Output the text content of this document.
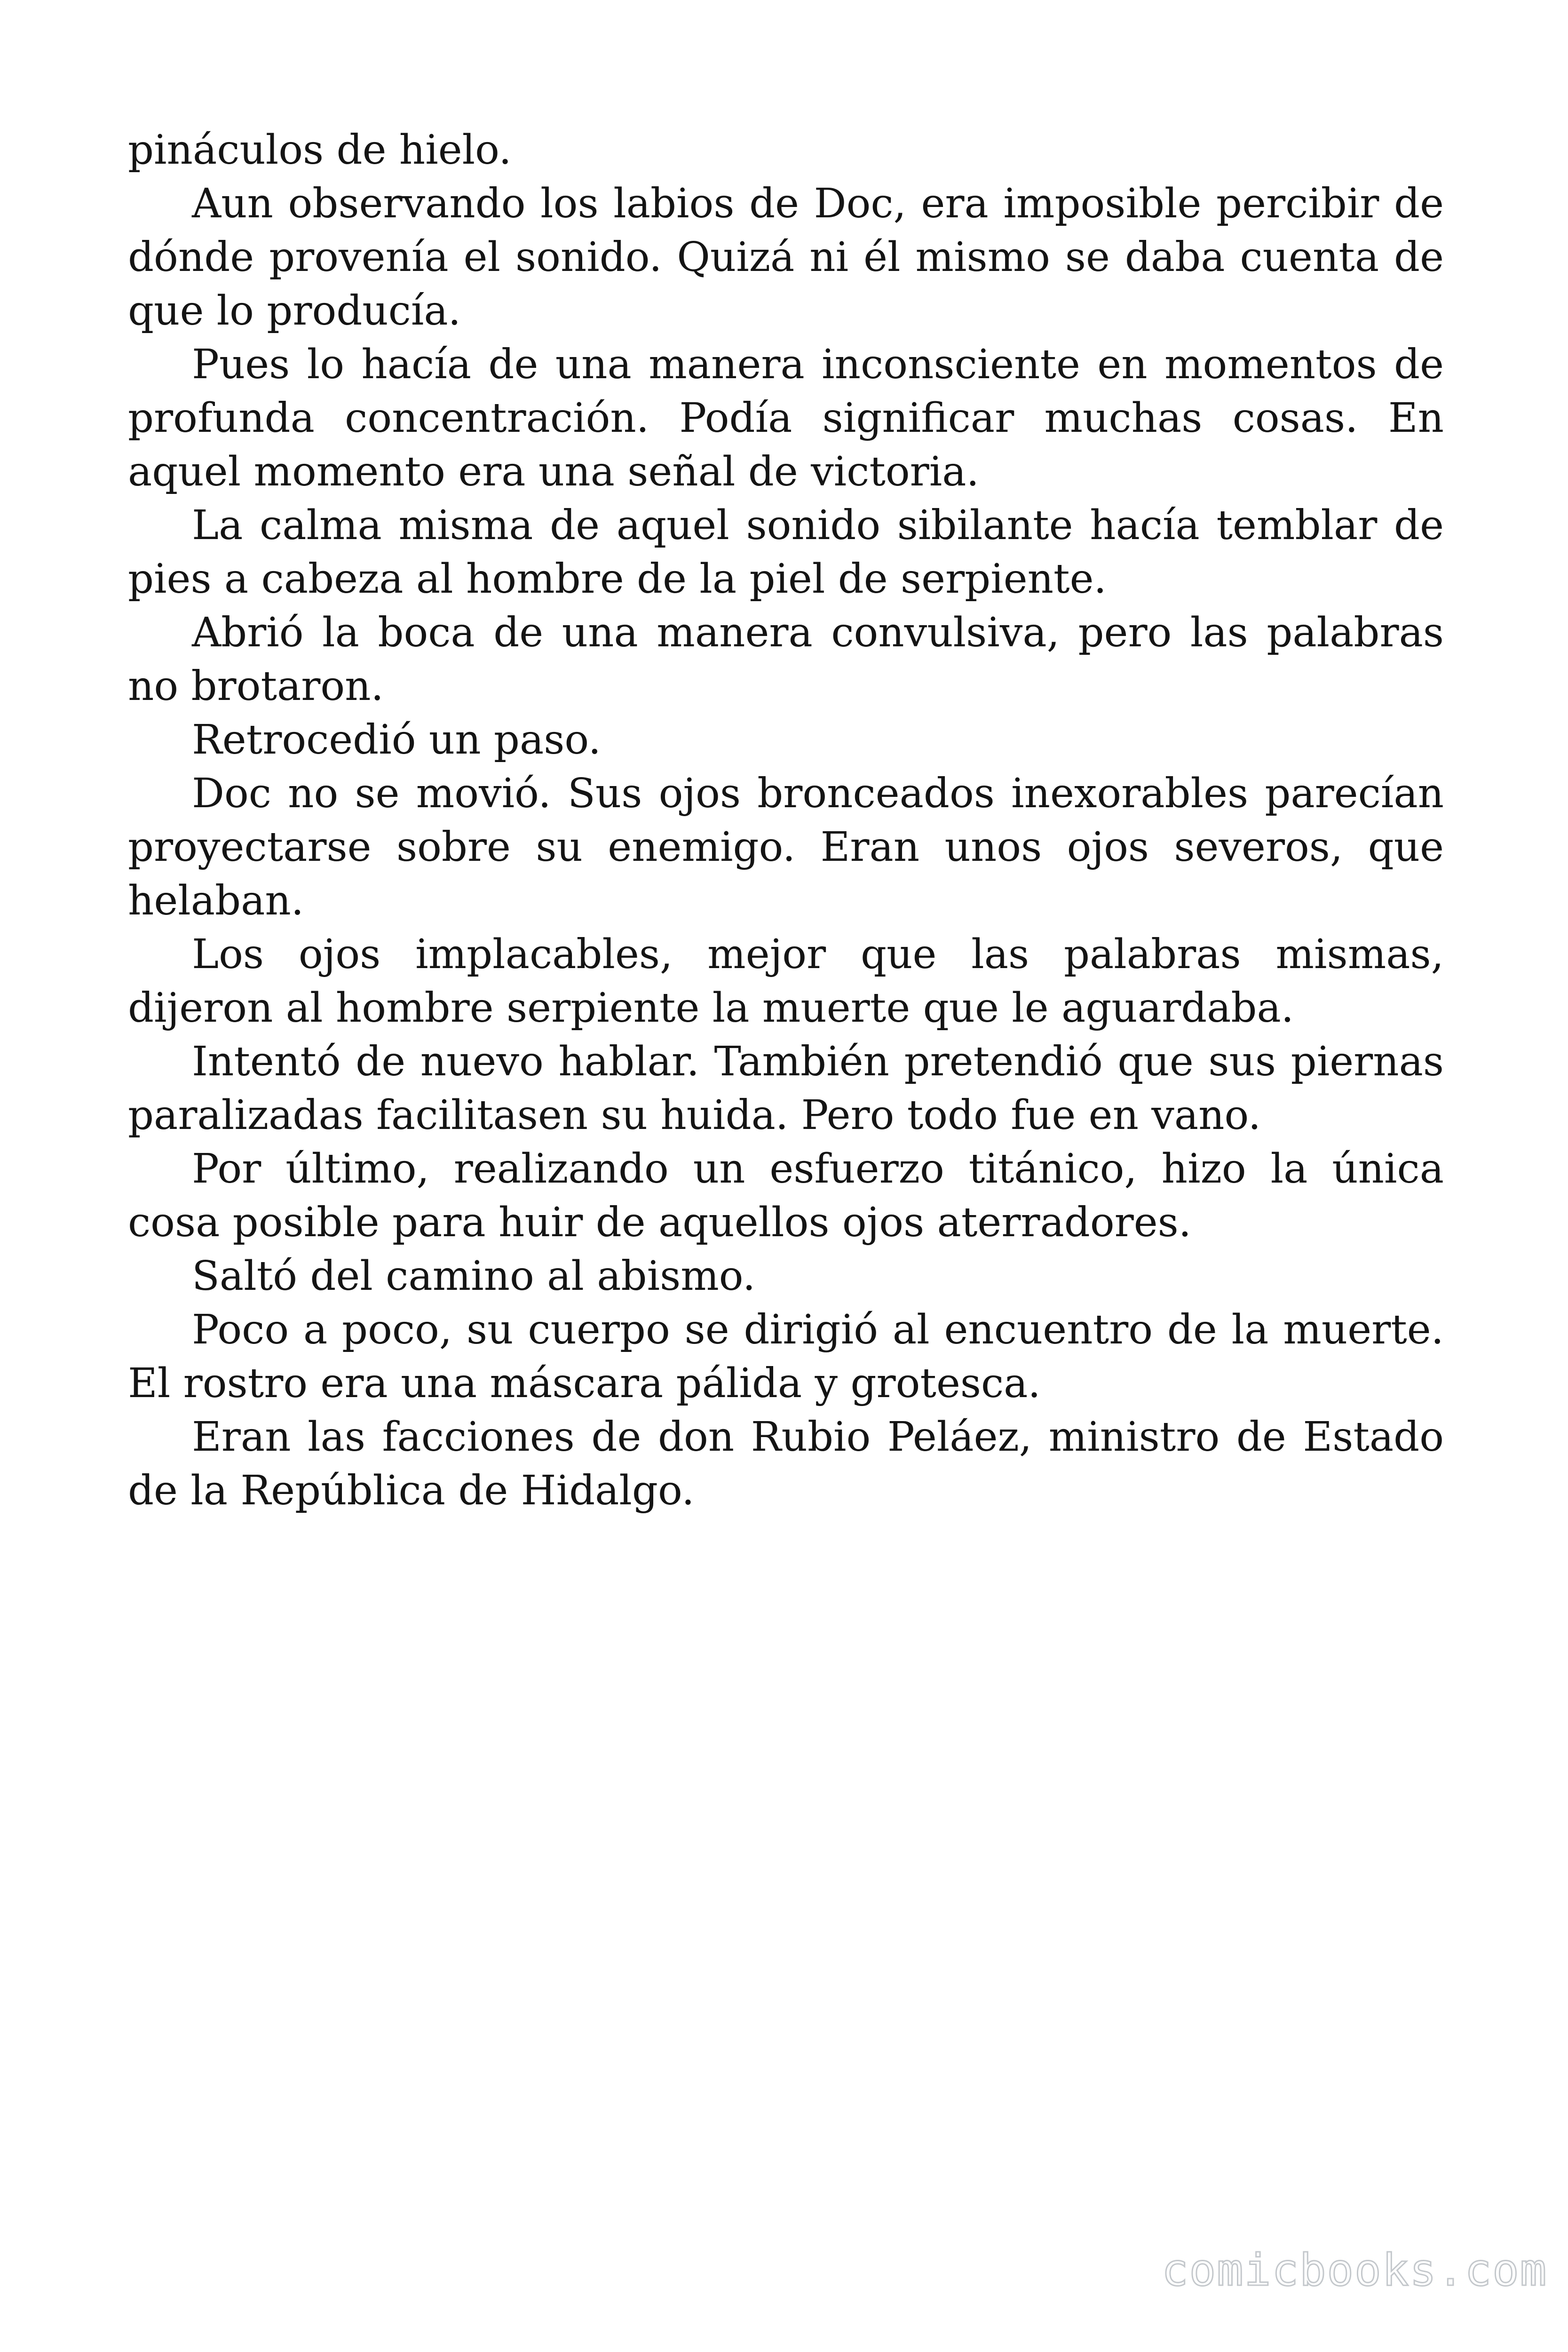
pináculos de hielo.

Aun observando los labios de Doc, era imposible percibir de dónde provenía el sonido. Quizá ni él mismo se daba cuenta de que lo producía.

Pues lo hacía de una manera inconsciente en momentos de profunda concentración. Podía significar muchas cosas. En aquel momento era una señal de victoria.

La calma misma de aquel sonido sibilante hacía temblar de pies a cabeza al hombre de la piel de serpiente.

Abrió la boca de una manera convulsiva, pero las palabras no brotaron.

Retrocedió un paso.

Doc no se movió. Sus ojos bronceados inexorables parecían proyectarse sobre su enemigo. Eran unos ojos severos, que helaban.

Los ojos implacables, mejor que las palabras mismas, dijeron al hombre serpiente la muerte que le aguardaba.

Intentó de nuevo hablar. También pretendió que sus piernas paralizadas facilitasen su huida. Pero todo fue en vano.

Por último, realizando un esfuerzo titánico, hizo la única cosa posible para huir de aquellos ojos aterradores.

Saltó del camino al abismo.

Poco a poco, su cuerpo se dirigió al encuentro de la muerte. El rostro era una máscara pálida y grotesca.

Eran las facciones de don Rubio Peláez, ministro de Estado de la República de Hidalgo.

comicbooks.com
